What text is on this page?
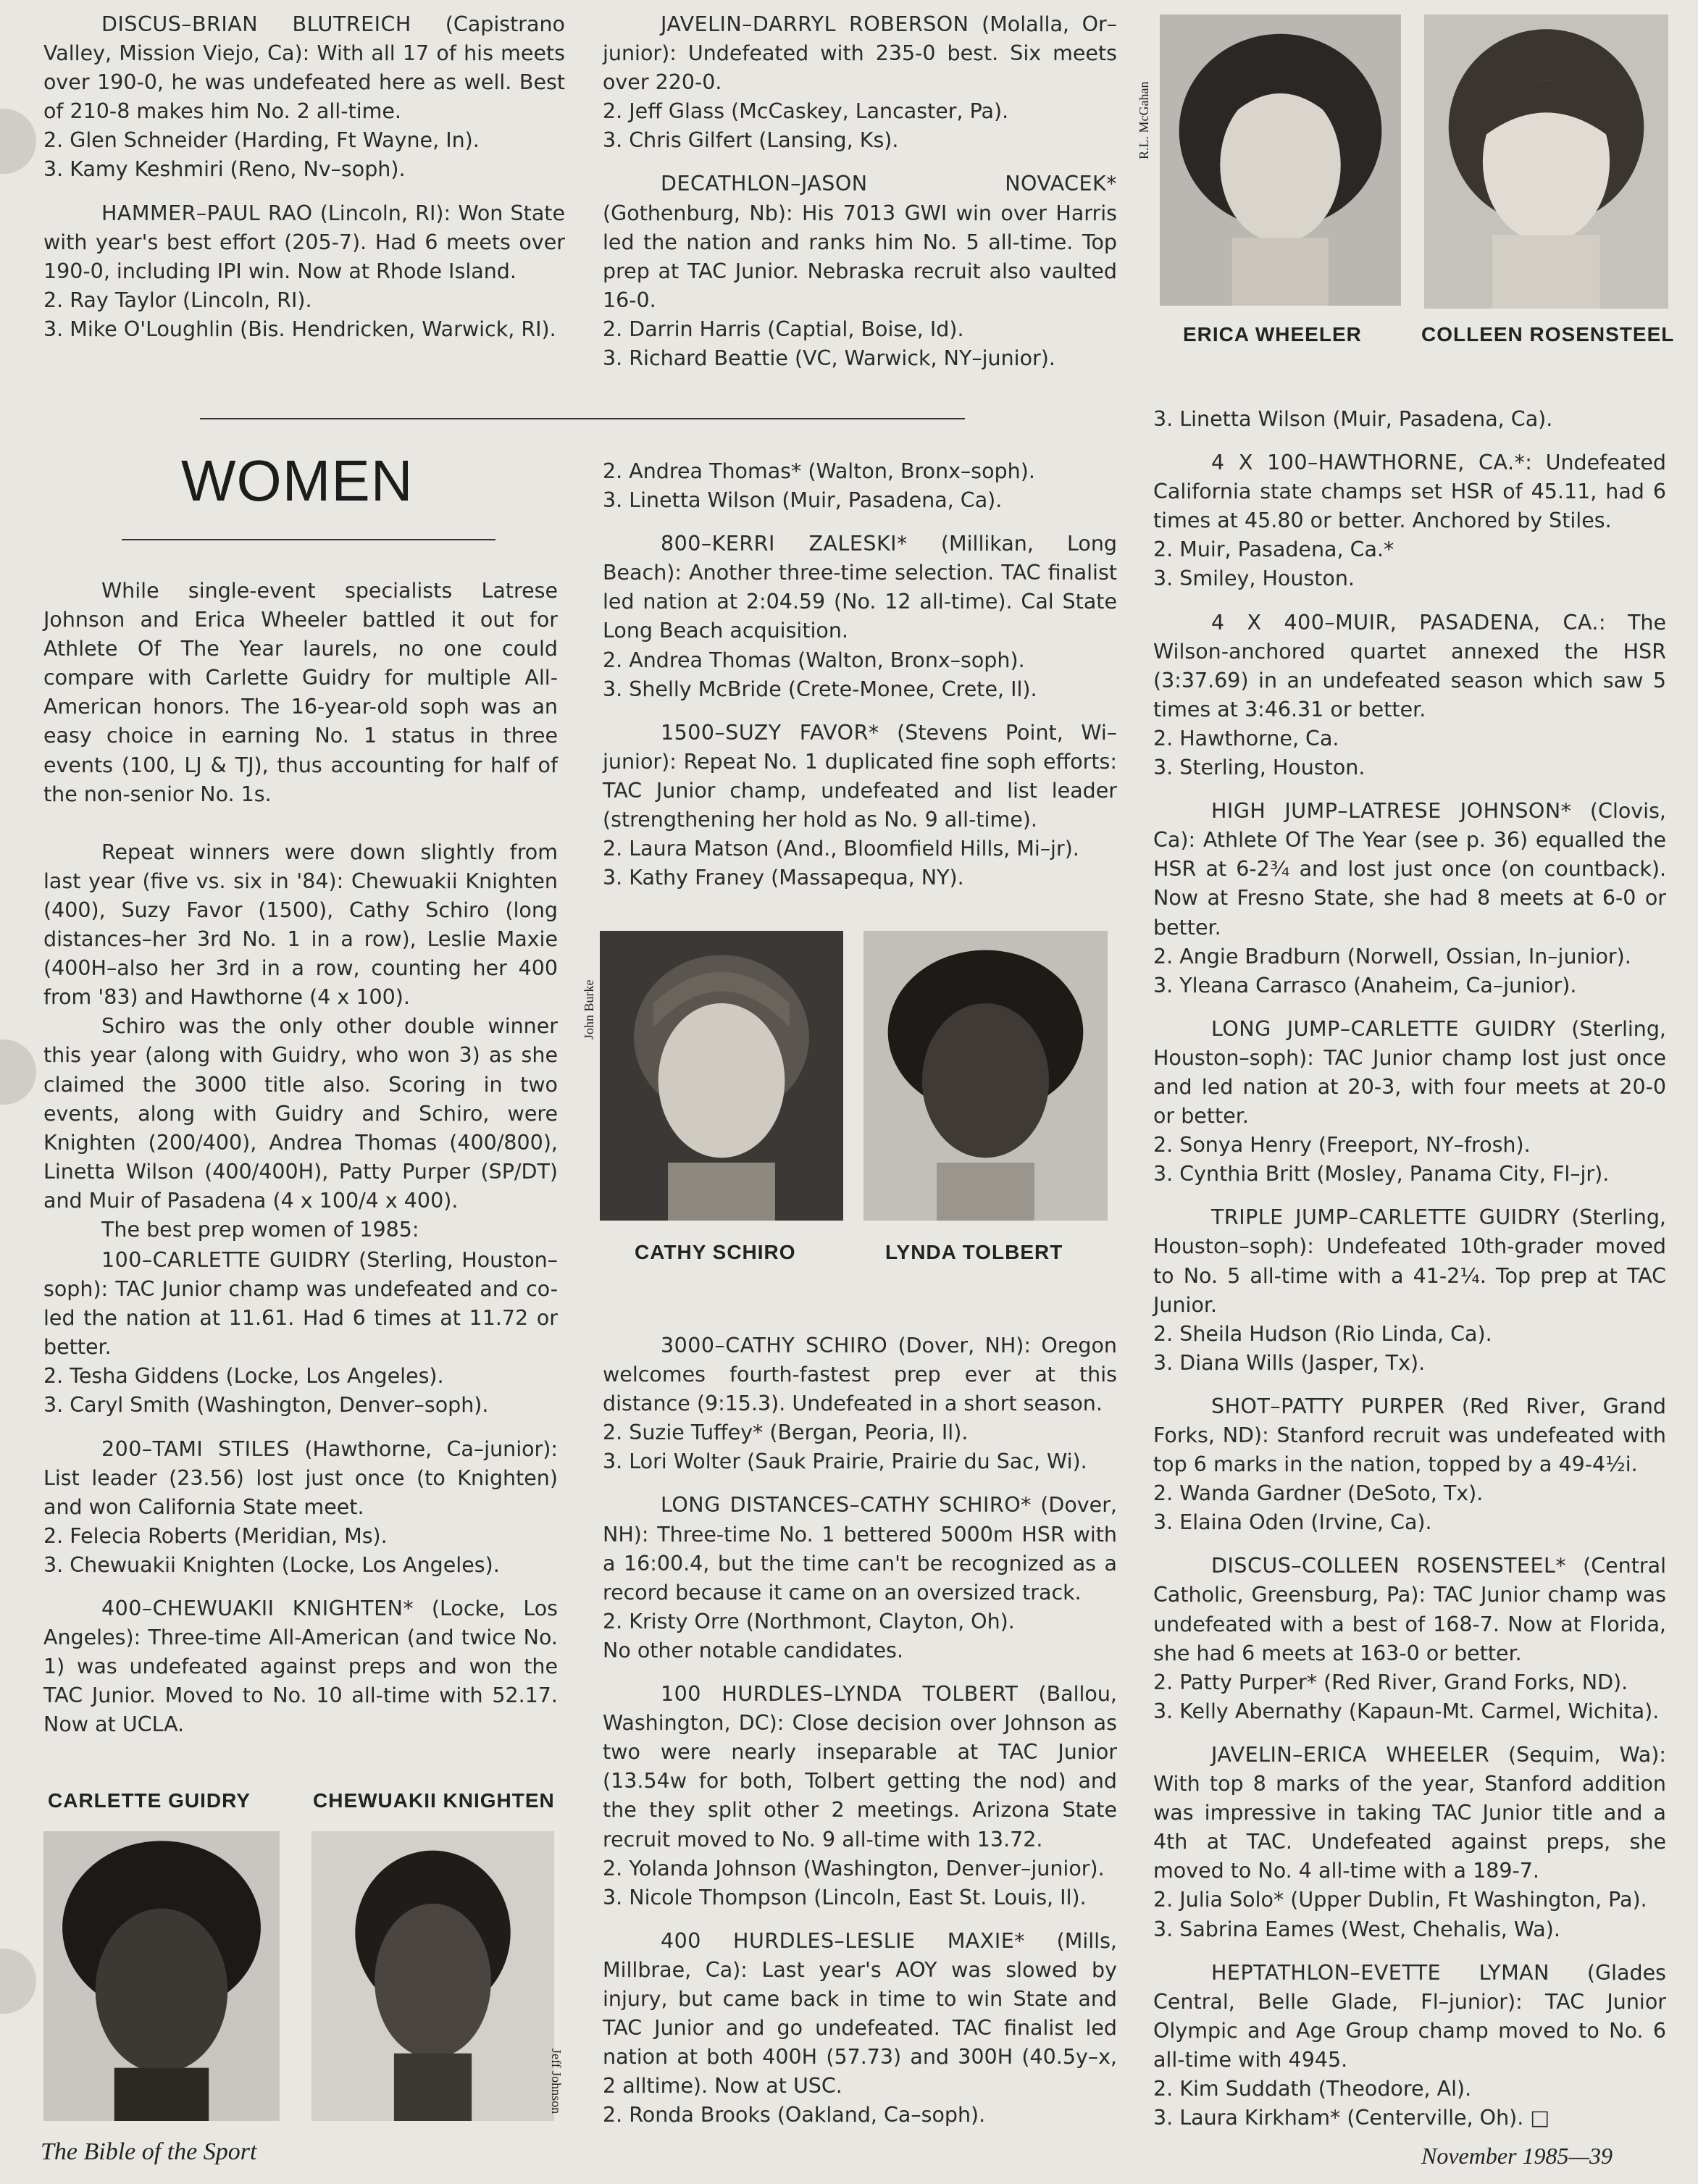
DISCUS–BRIAN BLUTREICH (Capistrano Valley, Mission Viejo, Ca): With all 17 of his meets over 190-0, he was undefeated here as well. Best of 210-8 makes him No. 2 all-time.

2. Glen Schneider (Harding, Ft Wayne, In).

3. Kamy Keshmiri (Reno, Nv–soph).

HAMMER–PAUL RAO (Lincoln, RI): Won State with year's best effort (205-7). Had 6 meets over 190-0, including IPI win. Now at Rhode Island.

2. Ray Taylor (Lincoln, RI).

3. Mike O'Loughlin (Bis. Hendricken, Warwick, RI).

JAVELIN–DARRYL ROBERSON (Molalla, Or–junior): Undefeated with 235-0 best. Six meets over 220-0.

2. Jeff Glass (McCaskey, Lancaster, Pa).

3. Chris Gilfert (Lansing, Ks).

DECATHLON–JASON NOVACEK* (Gothenburg, Nb): His 7013 GWI win over Harris led the nation and ranks him No. 5 all-time. Top prep at TAC Junior. Nebraska recruit also vaulted 16-0.

2. Darrin Harris (Captial, Boise, Id).

3. Richard Beattie (VC, Warwick, NY–junior).

R.L. McGahan
ERICA WHEELER	COLLEEN ROSENSTEEL
WOMEN

While single-event specialists Latrese Johnson and Erica Wheeler battled it out for Athlete Of The Year laurels, no one could compare with Carlette Guidry for multiple All-American honors. The 16-year-old soph was an easy choice in earning No. 1 status in three events (100, LJ & TJ), thus accounting for half of the non-senior No. 1s.

Repeat winners were down slightly from last year (five vs. six in '84): Chewuakii Knighten (400), Suzy Favor (1500), Cathy Schiro (long distances–her 3rd No. 1 in a row), Leslie Maxie (400H–also her 3rd in a row, counting her 400 from '83) and Hawthorne (4 x 100).

Schiro was the only other double winner this year (along with Guidry, who won 3) as she claimed the 3000 title also. Scoring in two events, along with Guidry and Schiro, were Knighten (200/400), Andrea Thomas (400/800), Linetta Wilson (400/400H), Patty Purper (SP/DT) and Muir of Pasadena (4 x 100/4 x 400).

The best prep women of 1985:

100–CARLETTE GUIDRY (Sterling, Houston–soph): TAC Junior champ was undefeated and co-led the nation at 11.61. Had 6 times at 11.72 or better.

2. Tesha Giddens (Locke, Los Angeles).

3. Caryl Smith (Washington, Denver–soph).

200–TAMI STILES (Hawthorne, Ca–junior): List leader (23.56) lost just once (to Knighten) and won California State meet.

2. Felecia Roberts (Meridian, Ms).

3. Chewuakii Knighten (Locke, Los Angeles).

400–CHEWUAKII KNIGHTEN* (Locke, Los Angeles): Three-time All-American (and twice No. 1) was undefeated against preps and won the TAC Junior. Moved to No. 10 all-time with 52.17. Now at UCLA.

CARLETTE GUIDRY	CHEWUAKII KNIGHTEN
Jeff Johnson

2. Andrea Thomas* (Walton, Bronx–soph).

3. Linetta Wilson (Muir, Pasadena, Ca).

800–KERRI ZALESKI* (Millikan, Long Beach): Another three-time selection. TAC finalist led nation at 2:04.59 (No. 12 all-time). Cal State Long Beach acquisition.

2. Andrea Thomas (Walton, Bronx–soph).

3. Shelly McBride (Crete-Monee, Crete, Il).

1500–SUZY FAVOR* (Stevens Point, Wi–junior): Repeat No. 1 duplicated fine soph efforts: TAC Junior champ, undefeated and list leader (strengthening her hold as No. 9 all-time).

2. Laura Matson (And., Bloomfield Hills, Mi–jr).

3. Kathy Franey (Massapequa, NY).

John Burke
CATHY SCHIRO	LYNDA TOLBERT

3000–CATHY SCHIRO (Dover, NH): Oregon welcomes fourth-fastest prep ever at this distance (9:15.3). Undefeated in a short season.

2. Suzie Tuffey* (Bergan, Peoria, Il).

3. Lori Wolter (Sauk Prairie, Prairie du Sac, Wi).

LONG DISTANCES–CATHY SCHIRO* (Dover, NH): Three-time No. 1 bettered 5000m HSR with a 16:00.4, but the time can't be recognized as a record because it came on an oversized track.

2. Kristy Orre (Northmont, Clayton, Oh).

No other notable candidates.

100 HURDLES–LYNDA TOLBERT (Ballou, Washington, DC): Close decision over Johnson as two were nearly inseparable at TAC Junior (13.54w for both, Tolbert getting the nod) and the they split other 2 meetings. Arizona State recruit moved to No. 9 all-time with 13.72.

2. Yolanda Johnson (Washington, Denver–junior).

3. Nicole Thompson (Lincoln, East St. Louis, Il).

400 HURDLES–LESLIE MAXIE* (Mills, Millbrae, Ca): Last year's AOY was slowed by injury, but came back in time to win State and TAC Junior and go undefeated. TAC finalist led nation at both 400H (57.73) and 300H (40.5y–x, 2 alltime). Now at USC.

2. Ronda Brooks (Oakland, Ca–soph).

3. Linetta Wilson (Muir, Pasadena, Ca).

4 X 100–HAWTHORNE, CA.*: Undefeated California state champs set HSR of 45.11, had 6 times at 45.80 or better. Anchored by Stiles.

2. Muir, Pasadena, Ca.*

3. Smiley, Houston.

4 X 400–MUIR, PASADENA, CA.: The Wilson-anchored quartet annexed the HSR (3:37.69) in an undefeated season which saw 5 times at 3:46.31 or better.

2. Hawthorne, Ca.

3. Sterling, Houston.

HIGH JUMP–LATRESE JOHNSON* (Clovis, Ca): Athlete Of The Year (see p. 36) equalled the HSR at 6-2¾ and lost just once (on countback). Now at Fresno State, she had 8 meets at 6-0 or better.

2. Angie Bradburn (Norwell, Ossian, In–junior).

3. Yleana Carrasco (Anaheim, Ca–junior).

LONG JUMP–CARLETTE GUIDRY (Sterling, Houston–soph): TAC Junior champ lost just once and led nation at 20-3, with four meets at 20-0 or better.

2. Sonya Henry (Freeport, NY–frosh).

3. Cynthia Britt (Mosley, Panama City, Fl–jr).

TRIPLE JUMP–CARLETTE GUIDRY (Sterling, Houston–soph): Undefeated 10th-grader moved to No. 5 all-time with a 41-2¼. Top prep at TAC Junior.

2. Sheila Hudson (Rio Linda, Ca).

3. Diana Wills (Jasper, Tx).

SHOT–PATTY PURPER (Red River, Grand Forks, ND): Stanford recruit was undefeated with top 6 marks in the nation, topped by a 49-4½i.

2. Wanda Gardner (DeSoto, Tx).

3. Elaina Oden (Irvine, Ca).

DISCUS–COLLEEN ROSENSTEEL* (Central Catholic, Greensburg, Pa): TAC Junior champ was undefeated with a best of 168-7. Now at Florida, she had 6 meets at 163-0 or better.

2. Patty Purper* (Red River, Grand Forks, ND).

3. Kelly Abernathy (Kapaun-Mt. Carmel, Wichita).

JAVELIN–ERICA WHEELER (Sequim, Wa): With top 8 marks of the year, Stanford addition was impressive in taking TAC Junior title and a 4th at TAC. Undefeated against preps, she moved to No. 4 all-time with a 189-7.

2. Julia Solo* (Upper Dublin, Ft Washington, Pa).

3. Sabrina Eames (West, Chehalis, Wa).

HEPTATHLON–EVETTE LYMAN (Glades Central, Belle Glade, Fl–junior): TAC Junior Olympic and Age Group champ moved to No. 6 all-time with 4945.

2. Kim Suddath (Theodore, Al).

3. Laura Kirkham* (Centerville, Oh). □

The Bible of the Sport	November 1985—39
